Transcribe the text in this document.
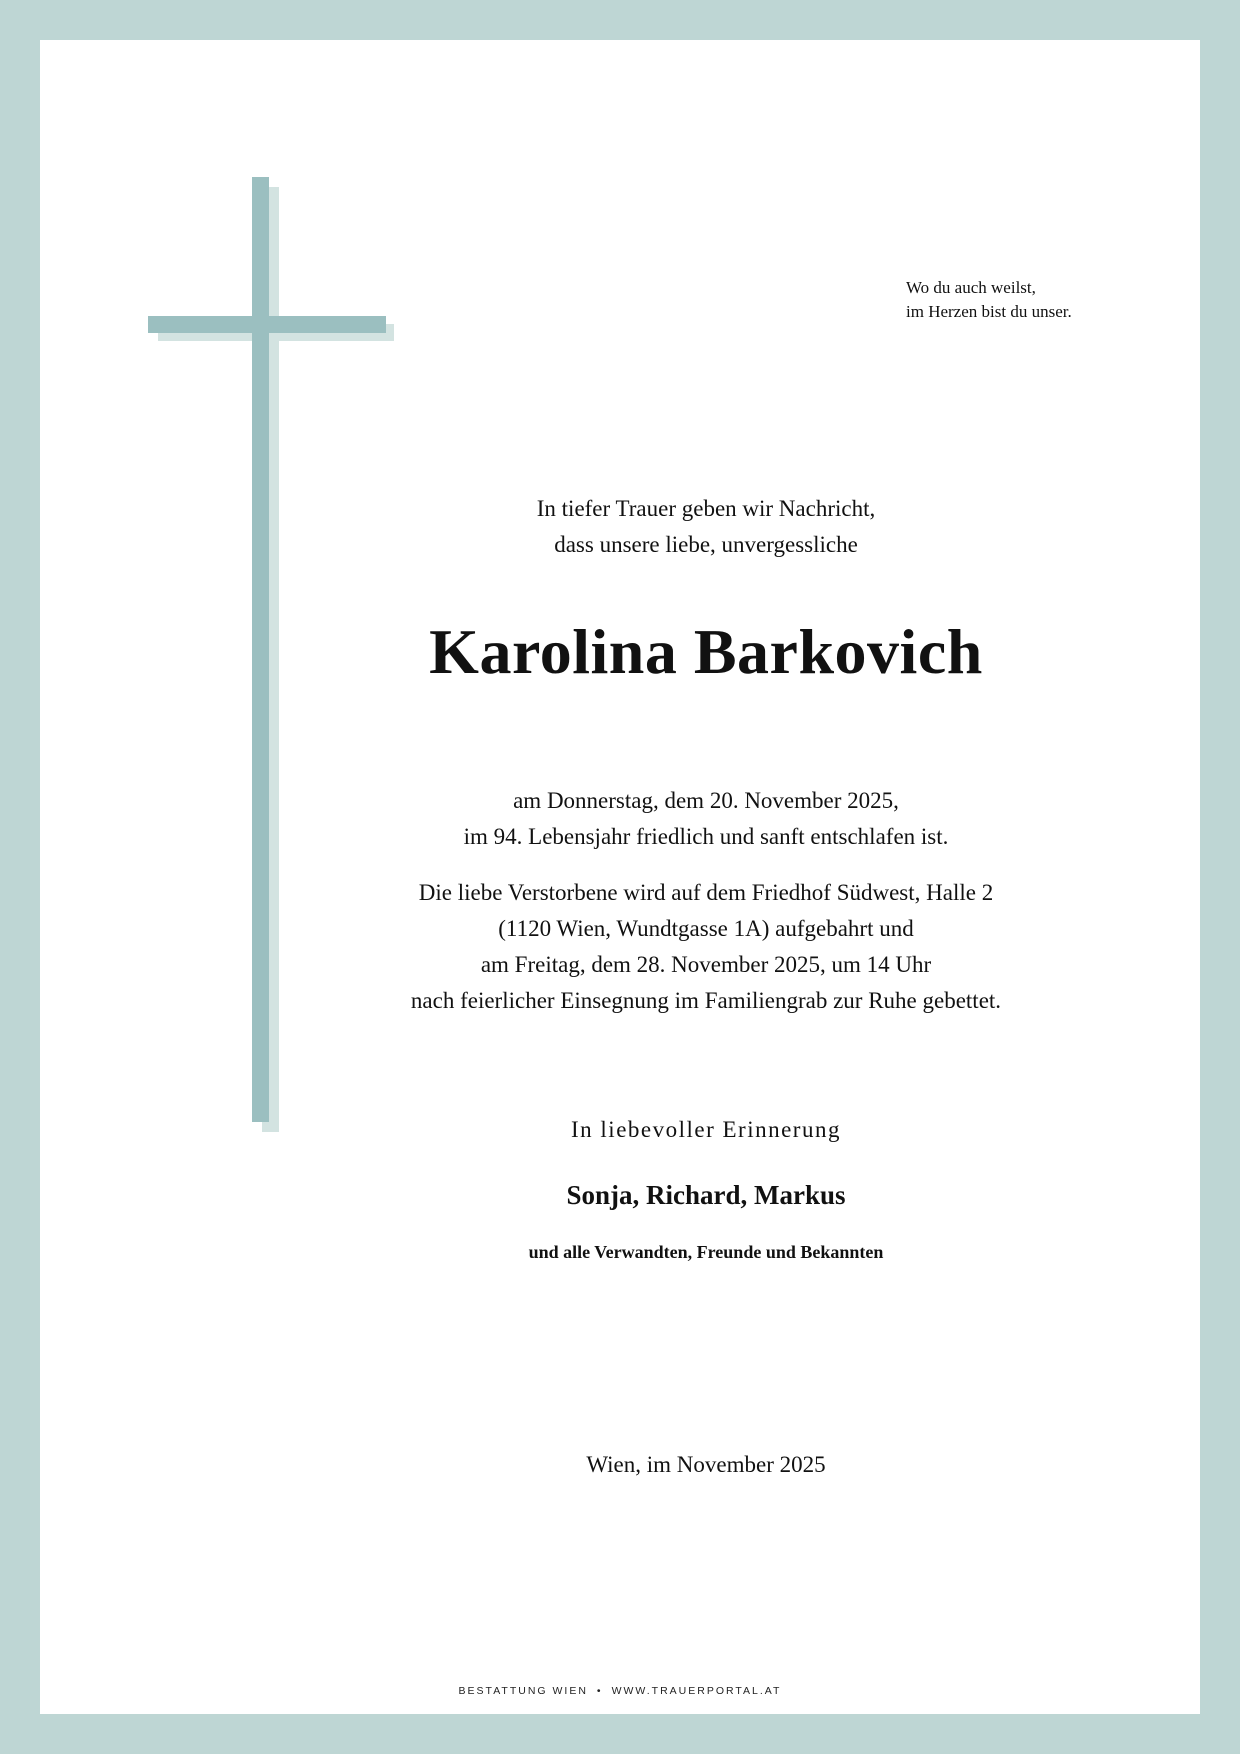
Wo du auch weilst,
im Herzen bist du unser.
In tiefer Trauer geben wir Nachricht,
dass unsere liebe, unvergessliche
Karolina Barkovich
am Donnerstag, dem 20. November 2025,
im 94. Lebensjahr friedlich und sanft entschlafen ist.
Die liebe Verstorbene wird auf dem Friedhof Südwest, Halle 2
(1120 Wien, Wundtgasse 1A) aufgebahrt und
am Freitag, dem 28. November 2025, um 14 Uhr
nach feierlicher Einsegnung im Familiengrab zur Ruhe gebettet.
In liebevoller Erinnerung
Sonja, Richard, Markus
und alle Verwandten, Freunde und Bekannten
Wien, im November 2025
BESTATTUNG WIEN • WWW.TRAUERPORTAL.AT
